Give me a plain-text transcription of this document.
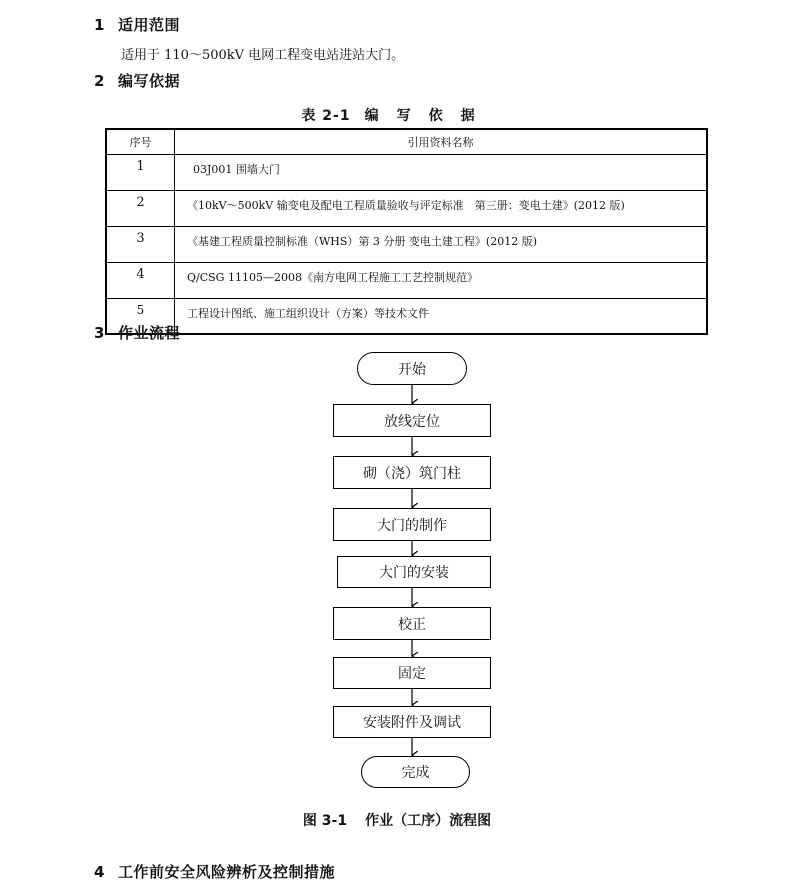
1 适用范围
适用于 110～500kV 电网工程变电站进站大门。
2 编写依据
表 2-1 编写依据
序号	引用资料名称
1	03J001 围墙大门
2	《10kV～500kV 输变电及配电工程质量验收与评定标准　第三册：变电土建》(2012 版)
3	《基建工程质量控制标准（WHS）第 3 分册 变电土建工程》(2012 版)
4	Q/CSG 11105—2008《南方电网工程施工工艺控制规范》
5	工程设计图纸、施工组织设计（方案）等技术文件
3 作业流程
开始
放线定位
砌（浇）筑门柱
大门的制作
大门的安装
校正
固定
安装附件及调试
完成
图 3-1 作业（工序）流程图
4 工作前安全风险辨析及控制措施
